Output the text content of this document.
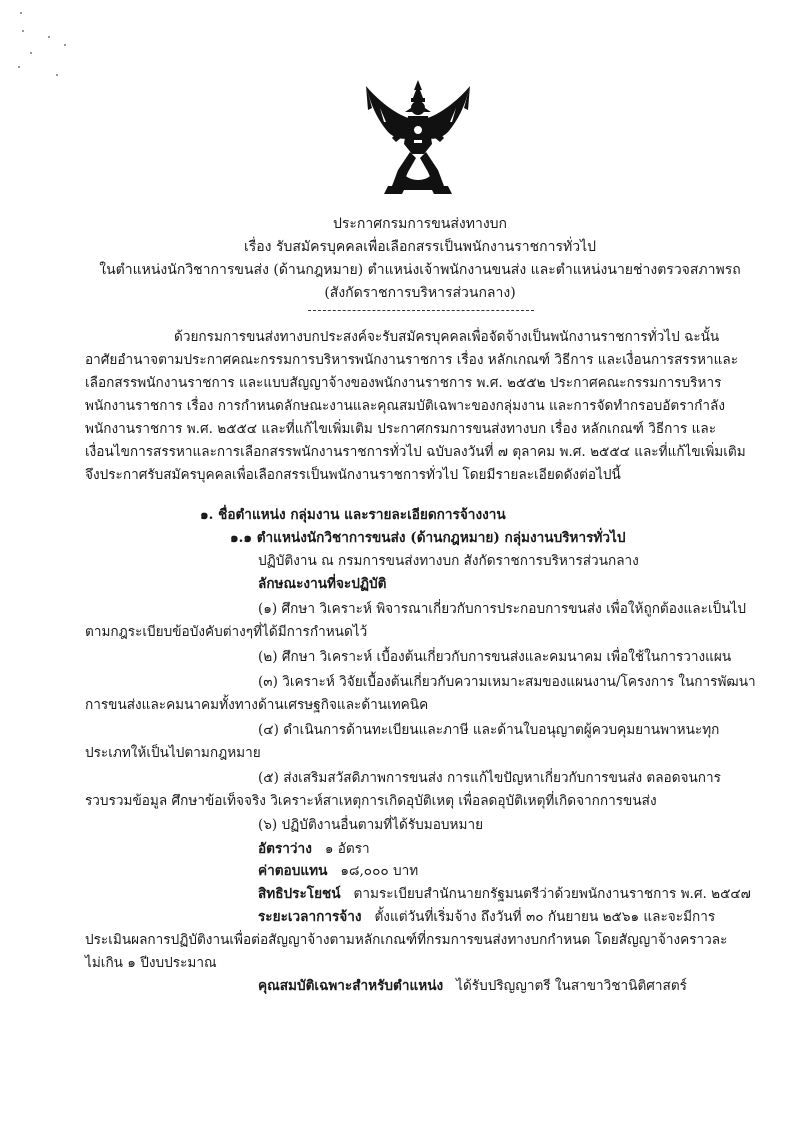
ประกาศกรมการขนส่งทางบก
เรื่อง รับสมัครบุคคลเพื่อเลือกสรรเป็นพนักงานราชการทั่วไป
ในตำแหน่งนักวิชาการขนส่ง (ด้านกฎหมาย) ตำแหน่งเจ้าพนักงานขนส่ง และตำแหน่งนายช่างตรวจสภาพรถ
(สังกัดราชการบริหารส่วนกลาง)
ด้วยกรมการขนส่งทางบกประสงค์จะรับสมัครบุคคลเพื่อจัดจ้างเป็นพนักงานราชการทั่วไป ฉะนั้น
อาศัยอำนาจตามประกาศคณะกรรมการบริหารพนักงานราชการ เรื่อง หลักเกณฑ์ วิธีการ และเงื่อนการสรรหาและ
เลือกสรรพนักงานราชการ และแบบสัญญาจ้างของพนักงานราชการ พ.ศ. ๒๕๕๒ ประกาศคณะกรรมการบริหาร
พนักงานราชการ เรื่อง การกำหนดลักษณะงานและคุณสมบัติเฉพาะของกลุ่มงาน และการจัดทำกรอบอัตรากำลัง
พนักงานราชการ พ.ศ. ๒๕๕๔ และที่แก้ไขเพิ่มเติม ประกาศกรมการขนส่งทางบก เรื่อง หลักเกณฑ์ วิธีการ และ
เงื่อนไขการสรรหาและการเลือกสรรพนักงานราชการทั่วไป ฉบับลงวันที่ ๗ ตุลาคม พ.ศ. ๒๕๕๔ และที่แก้ไขเพิ่มเติม
จึงประกาศรับสมัครบุคคลเพื่อเลือกสรรเป็นพนักงานราชการทั่วไป โดยมีรายละเอียดดังต่อไปนี้
๑. ชื่อตำแหน่ง กลุ่มงาน และรายละเอียดการจ้างงาน
๑.๑ ตำแหน่งนักวิชาการขนส่ง (ด้านกฎหมาย) กลุ่มงานบริหารทั่วไป
ปฏิบัติงาน ณ กรมการขนส่งทางบก สังกัดราชการบริหารส่วนกลาง
ลักษณะงานที่จะปฏิบัติ
(๑) ศึกษา วิเคราะห์ พิจารณาเกี่ยวกับการประกอบการขนส่ง เพื่อให้ถูกต้องและเป็นไป
ตามกฎระเบียบข้อบังคับต่างๆที่ได้มีการกำหนดไว้
(๒) ศึกษา วิเคราะห์ เบื้องต้นเกี่ยวกับการขนส่งและคมนาคม เพื่อใช้ในการวางแผน
(๓) วิเคราะห์ วิจัยเบื้องต้นเกี่ยวกับความเหมาะสมของแผนงาน/โครงการ ในการพัฒนา
การขนส่งและคมนาคมทั้งทางด้านเศรษฐกิจและด้านเทคนิค
(๔) ดำเนินการด้านทะเบียนและภาษี และด้านใบอนุญาตผู้ควบคุมยานพาหนะทุก
ประเภทให้เป็นไปตามกฎหมาย
(๕) ส่งเสริมสวัสดิภาพการขนส่ง การแก้ไขปัญหาเกี่ยวกับการขนส่ง ตลอดจนการ
รวบรวมข้อมูล ศึกษาข้อเท็จจริง วิเคราะห์สาเหตุการเกิดอุบัติเหตุ เพื่อลดอุบัติเหตุที่เกิดจากการขนส่ง
(๖) ปฏิบัติงานอื่นตามที่ได้รับมอบหมาย
อัตราว่าง ๑ อัตรา
ค่าตอบแทน ๑๘,๐๐๐ บาท
สิทธิประโยชน์ ตามระเบียบสำนักนายกรัฐมนตรีว่าด้วยพนักงานราชการ พ.ศ. ๒๕๔๗
ระยะเวลาการจ้าง ตั้งแต่วันที่เริ่มจ้าง ถึงวันที่ ๓๐ กันยายน ๒๕๖๑ และจะมีการ
ประเมินผลการปฏิบัติงานเพื่อต่อสัญญาจ้างตามหลักเกณฑ์ที่กรมการขนส่งทางบกกำหนด โดยสัญญาจ้างคราวละ
ไม่เกิน ๑ ปีงบประมาณ
คุณสมบัติเฉพาะสำหรับตำแหน่ง ได้รับปริญญาตรี ในสาขาวิชานิติศาสตร์
